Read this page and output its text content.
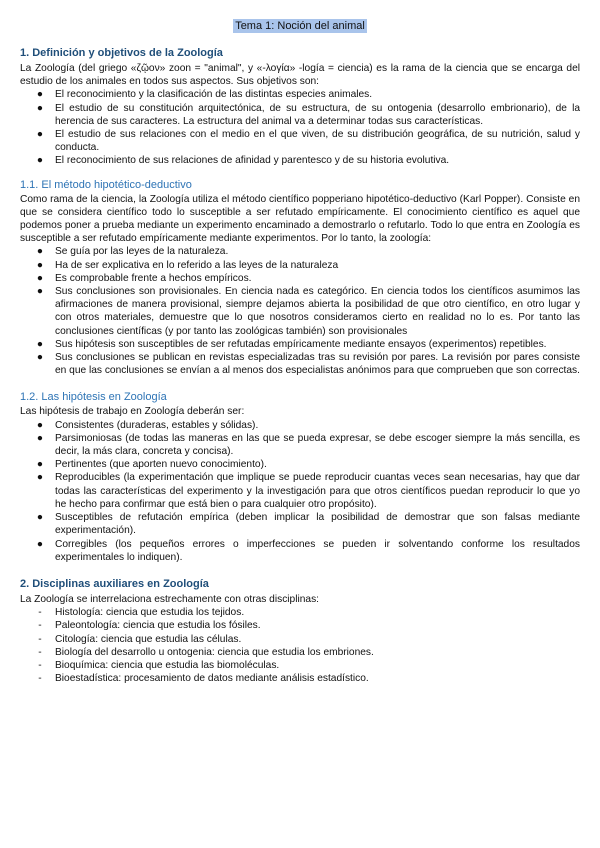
Tema 1: Noción del animal
1. Definición y objetivos de la Zoología

La Zoología (del griego «ζῷον» zoon = "animal", y «-λογία» -logía = ciencia) es la rama de la ciencia que se encarga del estudio de los animales en todos sus aspectos. Sus objetivos son:

● El reconocimiento y la clasificación de las distintas especies animales.
● El estudio de su constitución arquitectónica, de su estructura, de su ontogenia (desarrollo embrionario), de la herencia de sus caracteres. La estructura del animal va a determinar todas sus características.
● El estudio de sus relaciones con el medio en el que viven, de su distribución geográfica, de su nutrición, salud y conducta.
● El reconocimiento de sus relaciones de afinidad y parentesco y de su historia evolutiva.
1.1. El método hipotético-deductivo

Como rama de la ciencia, la Zoología utiliza el método científico popperiano hipotético-deductivo (Karl Popper). Consiste en que se considera científico todo lo susceptible a ser refutado empíricamente. El conocimiento científico es aquel que podemos poner a prueba mediante un experimento encaminado a demostrarlo o refutarlo. Todo lo que entra en Zoología es susceptible a ser refutado empíricamente mediante experimentos. Por lo tanto, la zoología:

● Se guía por las leyes de la naturaleza.
● Ha de ser explicativa en lo referido a las leyes de la naturaleza
● Es comprobable frente a hechos empíricos.
● Sus conclusiones son provisionales. En ciencia nada es categórico. En ciencia todos los científicos asumimos las afirmaciones de manera provisional, siempre dejamos abierta la posibilidad de que otro científico, en otro lugar y con otros materiales, demuestre que lo que nosotros consideramos cierto en realidad no lo es. Por tanto las conclusiones científicas (y por tanto las zoológicas también) son provisionales
● Sus hipótesis son susceptibles de ser refutadas empíricamente mediante ensayos (experimentos) repetibles.
● Sus conclusiones se publican en revistas especializadas tras su revisión por pares. La revisión por pares consiste en que las conclusiones se envían a al menos dos especialistas anónimos para que comprueben que son correctas.
1.2. Las hipótesis en Zoología

Las hipótesis de trabajo en Zoología deberán ser:

● Consistentes (duraderas, estables y sólidas).
● Parsimoniosas (de todas las maneras en las que se pueda expresar, se debe escoger siempre la más sencilla, es decir, la más clara, concreta y concisa).
● Pertinentes (que aporten nuevo conocimiento).
● Reproducibles (la experimentación que implique se puede reproducir cuantas veces sean necesarias, hay que dar todas las características del experimento y la investigación para que otros científicos puedan reproducir lo que yo he hecho para confirmar que está bien o para cualquier otro propósito).
● Susceptibles de refutación empírica (deben implicar la posibilidad de demostrar que son falsas mediante experimentación).
● Corregibles (los pequeños errores o imperfecciones se pueden ir solventando conforme los resultados experimentales lo indiquen).
2. Disciplinas auxiliares en Zoología

La Zoología se interrelaciona estrechamente con otras disciplinas:

-	Histología: ciencia que estudia los tejidos.
-	Paleontología: ciencia que estudia los fósiles.
-	Citología: ciencia que estudia las células.
-	Biología del desarrollo u ontogenia: ciencia que estudia los embriones.
-	Bioquímica: ciencia que estudia las biomoléculas.
-	Bioestadística: procesamiento de datos mediante análisis estadístico.
